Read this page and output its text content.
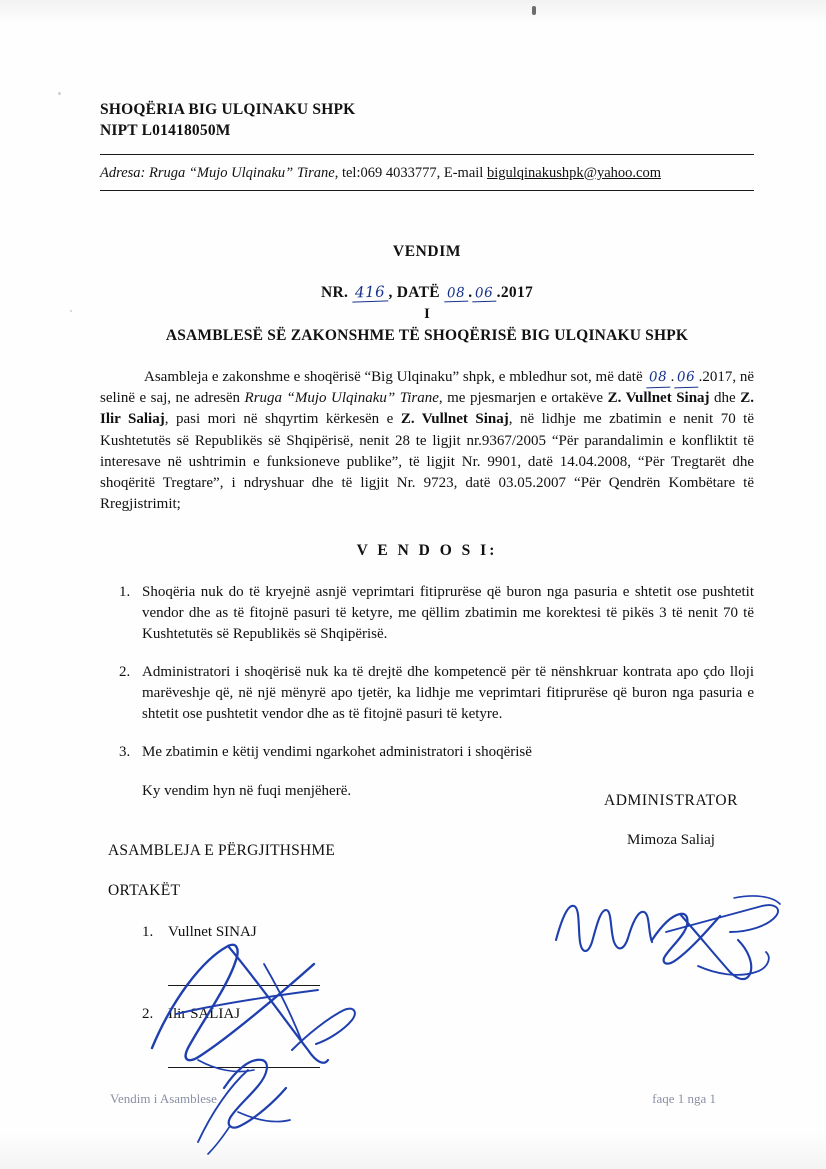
SHOQËRIA BIG ULQINAKU SHPK
NIPT L01418050M
Adresa: Rruga “Mujo Ulqinaku” Tirane, tel:069 4033777, E-mail bigulqinakushpk@yahoo.com
VENDIM
NR. 416 , DATË 08 . 06 .2017
I
ASAMBLESË SË ZAKONSHME TË SHOQËRISË BIG ULQINAKU SHPK
Asambleja e zakonshme e shoqërisë “Big Ulqinaku” shpk, e mbledhur sot, më datë 08 . 06 .2017, në selinë e saj, ne adresën Rruga “Mujo Ulqinaku” Tirane, me pjesmarjen e ortakëve Z. Vullnet Sinaj dhe Z. Ilir Saliaj, pasi mori në shqyrtim kërkesën e Z. Vullnet Sinaj, në lidhje me zbatimin e nenit 70 të Kushtetutës së Republikës së Shqipërisë, nenit 28 te ligjit nr.9367/2005 “Për parandalimin e konfliktit të interesave në ushtrimin e funksioneve publike”, të ligjit Nr. 9901, datë 14.04.2008, “Për Tregtarët dhe shoqëritë Tregtare”, i ndryshuar dhe të ligjit Nr. 9723, datë 03.05.2007 “Për Qendrën Kombëtare të Rregjistrimit;
V E N D O S I:
1. Shoqëria nuk do të kryejnë asnjë veprimtari fitiprurëse që buron nga pasuria e shtetit ose pushtetit vendor dhe as të fitojnë pasuri të ketyre, me qëllim zbatimin me korektesi të pikës 3 të nenit 70 të Kushtetutës së Republikës së Shqipërisë.
2. Administratori i shoqërisë nuk ka të drejtë dhe kompetencë për të nënshkruar kontrata apo çdo lloji marëveshje që, në një mënyrë apo tjetër, ka lidhje me veprimtari fitiprurëse që buron nga pasuria e shtetit ose pushtetit vendor dhe as të fitojnë pasuri të ketyre.
3. Me zbatimin e këtij vendimi ngarkohet administratori i shoqërisë
Ky vendim hyn në fuqi menjëherë.
ASAMBLEJA E PËRGJITHSHME
ORTAKËT
1. Vullnet SINAJ
2. Ilir SALIAJ
ADMINISTRATOR
Mimoza Saliaj
Vendim i Asamblese	faqe 1 nga 1
